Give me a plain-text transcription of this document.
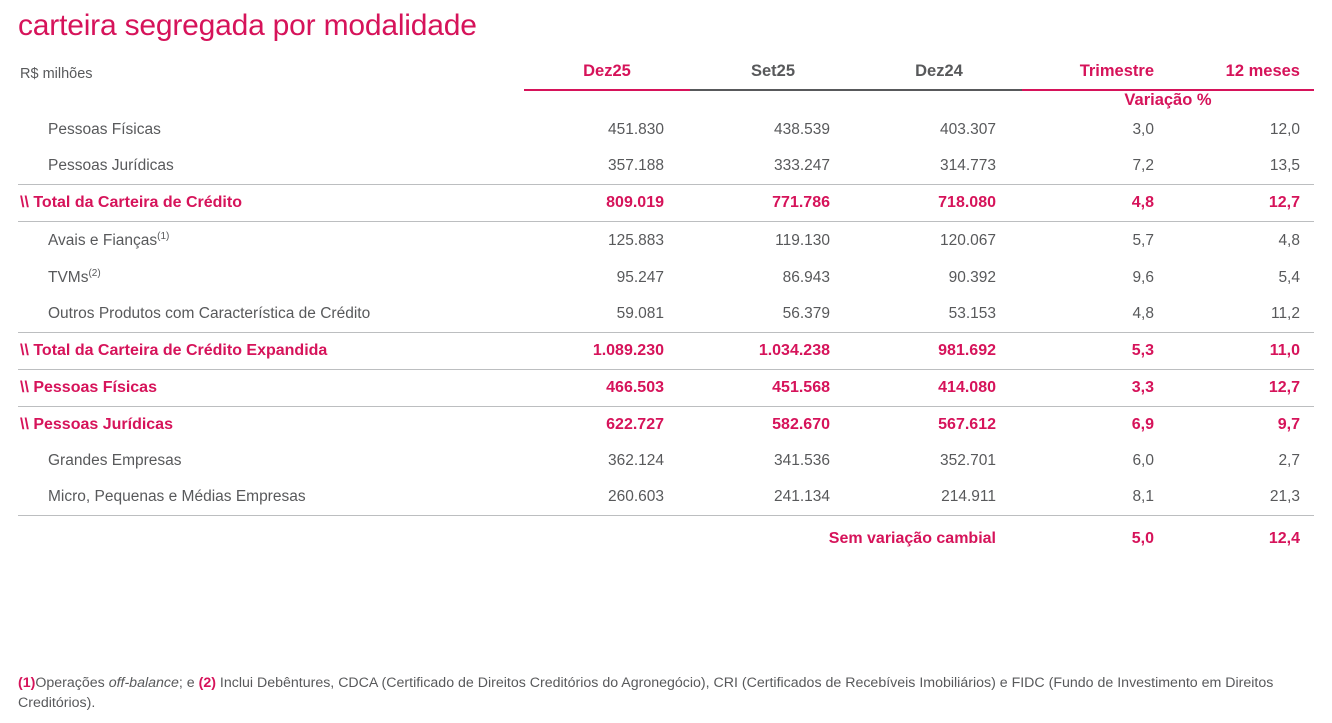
carteira segregada por modalidade
				Variação %	
R$ milhões	Dez25	Set25	Dez24	Trimestre	12 meses
Pessoas Físicas	451.830	438.539	403.307	3,0	12,0
Pessoas Jurídicas	357.188	333.247	314.773	7,2	13,5
\\ Total da Carteira de Crédito	809.019	771.786	718.080	4,8	12,7
Avais e Fianças$^{(1)}$	125.883	119.130	120.067	5,7	4,8
TVMs$^{(2)}$	95.247	86.943	90.392	9,6	5,4
Outros Produtos com Característica de Crédito	59.081	56.379	53.153	4,8	11,2
\\ Total da Carteira de Crédito Expandida	1.089.230	1.034.238	981.692	5,3	11,0
\\ Pessoas Físicas	466.503	451.568	414.080	3,3	12,7
\\ Pessoas Jurídicas	622.727	582.670	567.612	6,9	9,7
Grandes Empresas	362.124	341.536	352.701	6,0	2,7
Micro, Pequenas e Médias Empresas	260.603	241.134	214.911	8,1	21,3
Sem variação cambial				5,0	12,4
(1)Operações off-balance; e (2) Inclui Debêntures, CDCA (Certificado de Direitos Creditórios do Agronegócio), CRI (Certificados de Recebíveis Imobiliários) e FIDC (Fundo de Investimento em Direitos Creditórios).
